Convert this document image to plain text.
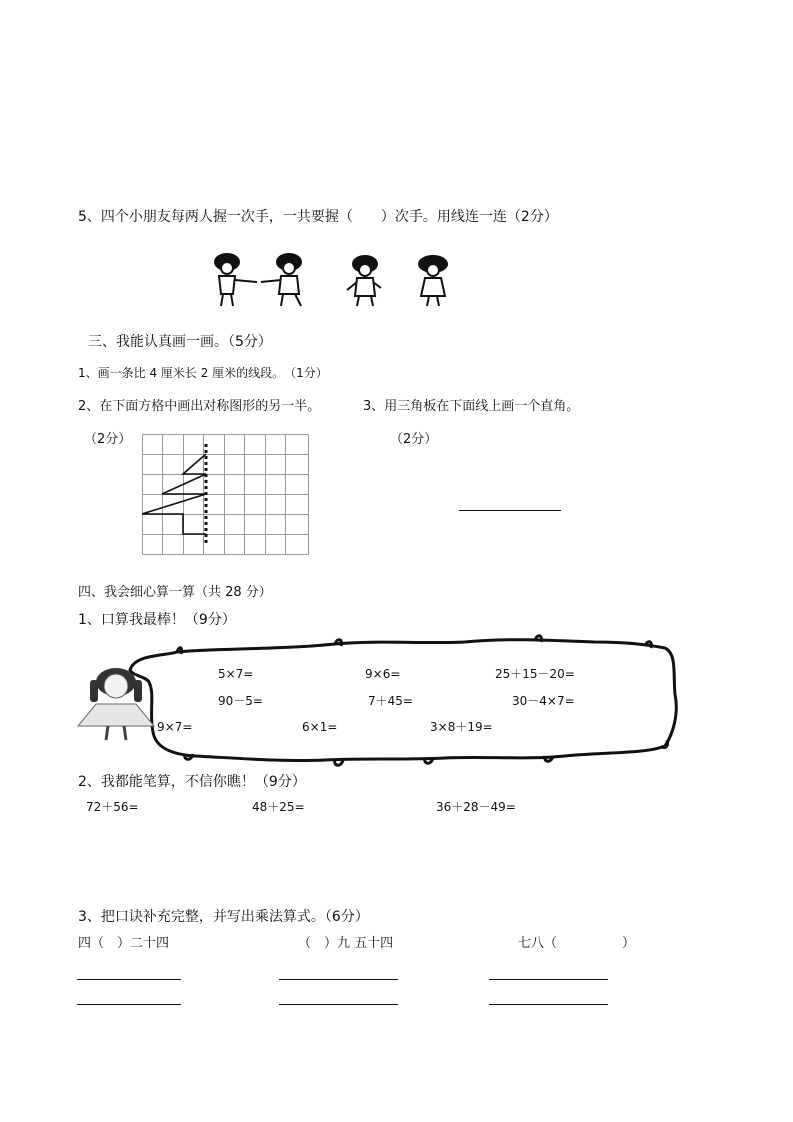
5、四个小朋友每两人握一次手，一共要握（　　）次手。用线连一连（2分）
三、我能认真画一画。（5分）
1、画一条比 4 厘米长 2 厘米的线段。　（1分）
2、在下面方格中画出对称图形的另一半。	3、用三角板在下面线上画一个直角。
（2分）	（2分）
四、我会细心算一算（共 28 分）
1、口算我最棒！（9分）
5×7=	9×6=	25＋15－20=
90－5=	7＋45=	30－4×7=
9×7=	6×1=	3×8＋19=
2、我都能笔算，不信你瞧！（9分）
72＋56=	48＋25=	36＋28－49=
3、把口诀补充完整，并写出乘法算式。（6分）
四（　）二十四	（　）九 五十四	七八（　　　　　）
